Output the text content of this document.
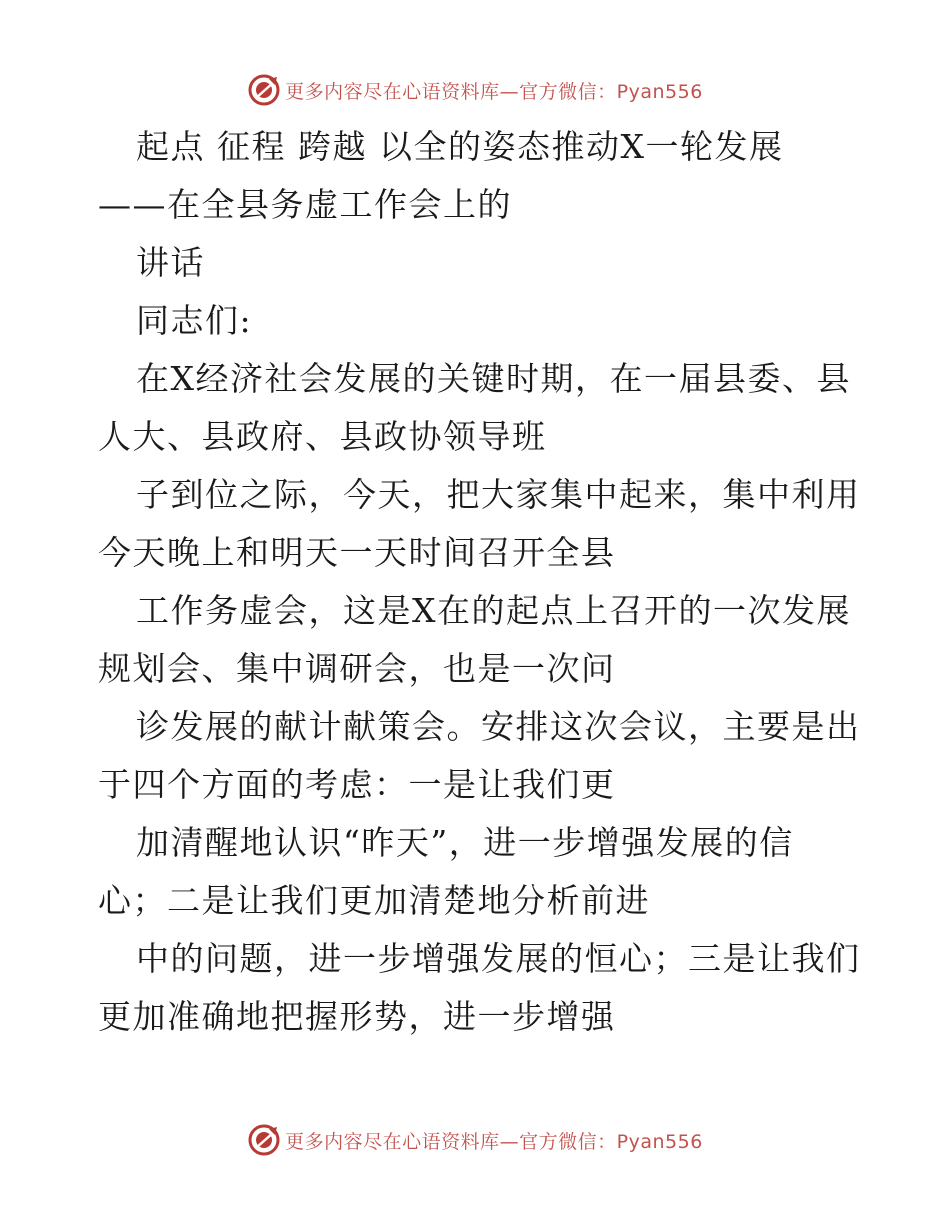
更多内容尽在心语资料库—官方微信：Pyan556
起点 征程 跨越 以全的姿态推动X一轮发展
——在全县务虚工作会上的
讲话
同志们:
在X经济社会发展的关键时期，在一届县委、县
人大、县政府、县政协领导班
子到位之际，今天，把大家集中起来，集中利用
今天晚上和明天一天时间召开全县
工作务虚会，这是X在的起点上召开的一次发展
规划会、集中调研会，也是一次问
诊发展的献计献策会。安排这次会议，主要是出
于四个方面的考虑：一是让我们更
加清醒地认识“昨天”，进一步增强发展的信
心；二是让我们更加清楚地分析前进
中的问题，进一步增强发展的恒心；三是让我们
更加准确地把握形势，进一步增强
更多内容尽在心语资料库—官方微信：Pyan556
